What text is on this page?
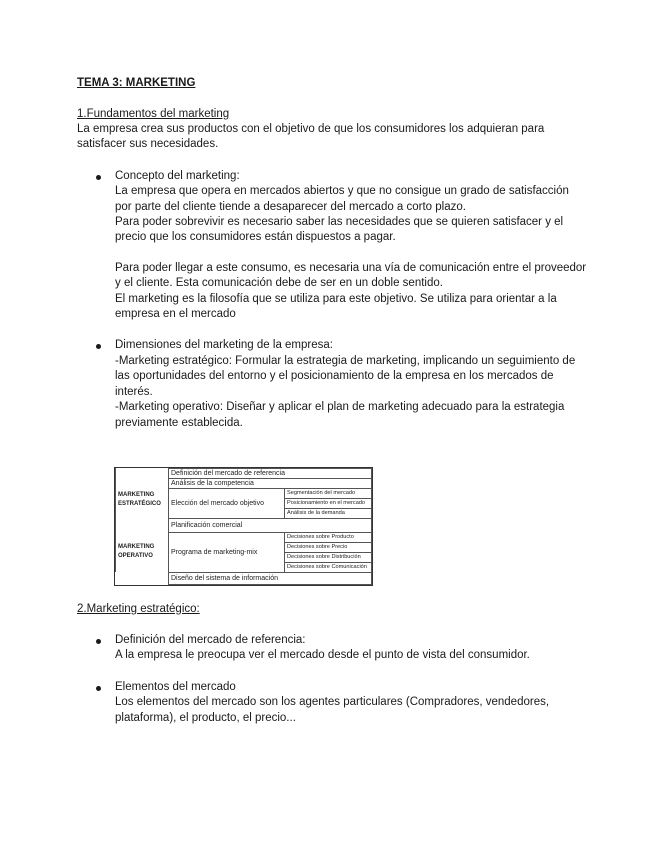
TEMA 3: MARKETING

1.Fundamentos del marketing

La empresa crea sus productos con el objetivo de que los consumidores los adquieran para satisfacer sus necesidades.

Concepto del marketing:

La empresa que opera en mercados abiertos y que no consigue un grado de satisfacción por parte del cliente tiende a desaparecer del mercado a corto plazo.

Para poder sobrevivir es necesario saber las necesidades que se quieren satisfacer y el precio que los consumidores están dispuestos a pagar.

Para poder llegar a este consumo, es necesaria una vía de comunicación entre el proveedor y el cliente. Esta comunicación debe de ser en un doble sentido.

El marketing es la filosofía que se utiliza para este objetivo. Se utiliza para orientar a la empresa en el mercado

Dimensiones del marketing de la empresa:

-Marketing estratégico: Formular la estrategia de marketing, implicando un seguimiento de las oportunidades del entorno y el posicionamiento de la empresa en los mercados de interés.

-Marketing operativo: Diseñar y aplicar el plan de marketing adecuado para la estrategia previamente establecida.

MARKETING ESTRATÉGICO	Definición del mercado de referencia	
	Análisis de la competencia	
	Elección del mercado objetivo	Segmentación del mercado
		Posicionamiento en el mercado
		Análisis de la demanda
	Planificación comercial	
MARKETING OPERATIVO	Programa de marketing-mix	Decisiones sobre Producto
		Decisiones sobre Precio
		Decisiones sobre Distribución
		Decisiones sobre Comunicación
	Diseño del sistema de información	

2.Marketing estratégico:

Definición del mercado de referencia:

A la empresa le preocupa ver el mercado desde el punto de vista del consumidor.

Elementos del mercado

Los elementos del mercado son los agentes particulares (Compradores, vendedores, plataforma), el producto, el precio...
